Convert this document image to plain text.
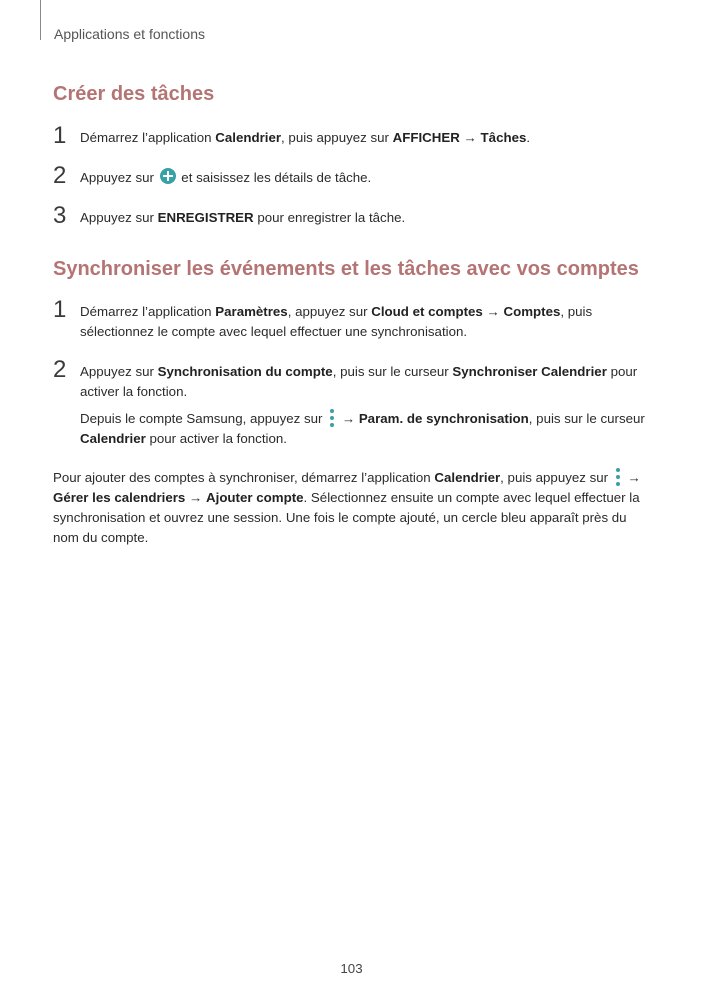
Applications et fonctions
Créer des tâches
1 Démarrez l’application Calendrier, puis appuyez sur AFFICHER → Tâches.
2 Appuyez sur  et saisissez les détails de tâche.
3 Appuyez sur ENREGISTRER pour enregistrer la tâche.
Synchroniser les événements et les tâches avec vos comptes
1 Démarrez l’application Paramètres, appuyez sur Cloud et comptes → Comptes, puis
sélectionnez le compte avec lequel effectuer une synchronisation.
2 Appuyez sur Synchronisation du compte, puis sur le curseur Synchroniser Calendrier pour
activer la fonction.
Depuis le compte Samsung, appuyez sur
→ Param. de synchronisation, puis sur le curseur
Calendrier pour activer la fonction.
Pour ajouter des comptes à synchroniser, démarrez l’application Calendrier, puis appuyez sur
→
Gérer les calendriers → Ajouter compte. Sélectionnez ensuite un compte avec lequel effectuer la
synchronisation et ouvrez une session. Une fois le compte ajouté, un cercle bleu apparaît près du
nom du compte.
103
